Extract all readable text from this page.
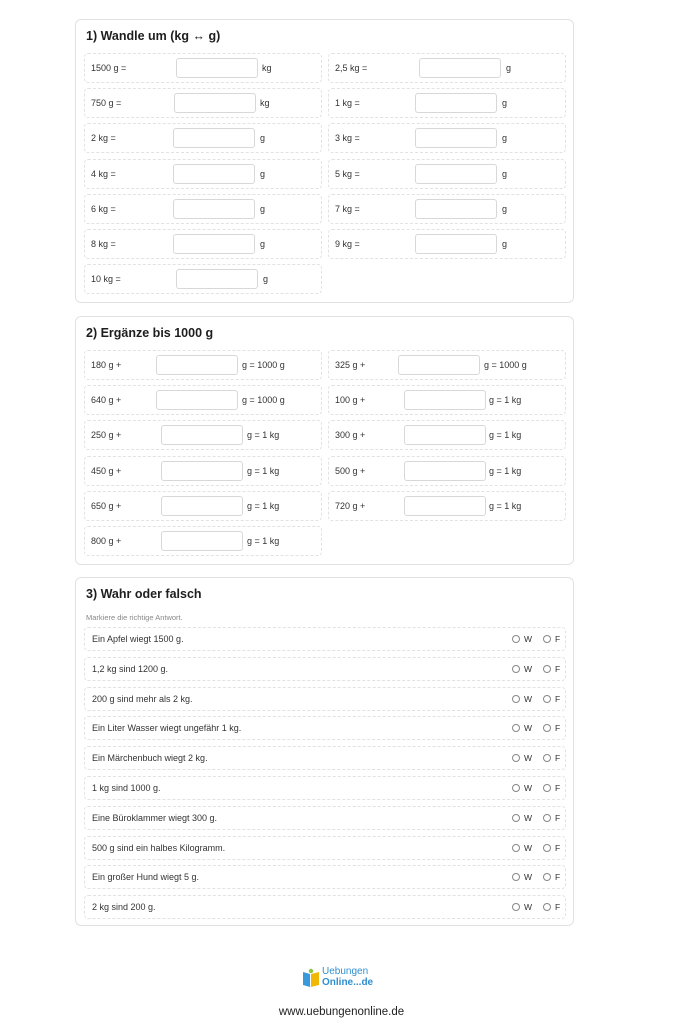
1) Wandle um (kg ↔ g)
1500 g =	kg	2,5 kg =	g
750 g =	kg	1 kg =	g
2 kg =	g	3 kg =	g
4 kg =	g	5 kg =	g
6 kg =	g	7 kg =	g
8 kg =	g	9 kg =	g
10 kg =	g
2) Ergänze bis 1000 g
180 g +	g = 1000 g	325 g +	g = 1000 g
640 g +	g = 1000 g	100 g +	g = 1 kg
250 g +	g = 1 kg	300 g +	g = 1 kg
450 g +	g = 1 kg	500 g +	g = 1 kg
650 g +	g = 1 kg	720 g +	g = 1 kg
800 g +	g = 1 kg
3) Wahr oder falsch
Markiere die richtige Antwort.
Ein Apfel wiegt 1500 g.	W	F
1,2 kg sind 1200 g.	W	F
200 g sind mehr als 2 kg.	W	F
Ein Liter Wasser wiegt ungefähr 1 kg.	W	F
Ein Märchenbuch wiegt 2 kg.	W	F
1 kg sind 1000 g.	W	F
Eine Büroklammer wiegt 300 g.	W	F
500 g sind ein halbes Kilogramm.	W	F
Ein großer Hund wiegt 5 g.	W	F
2 kg sind 200 g.	W	F
Uebungen
Online...de
www.uebungenonline.de
